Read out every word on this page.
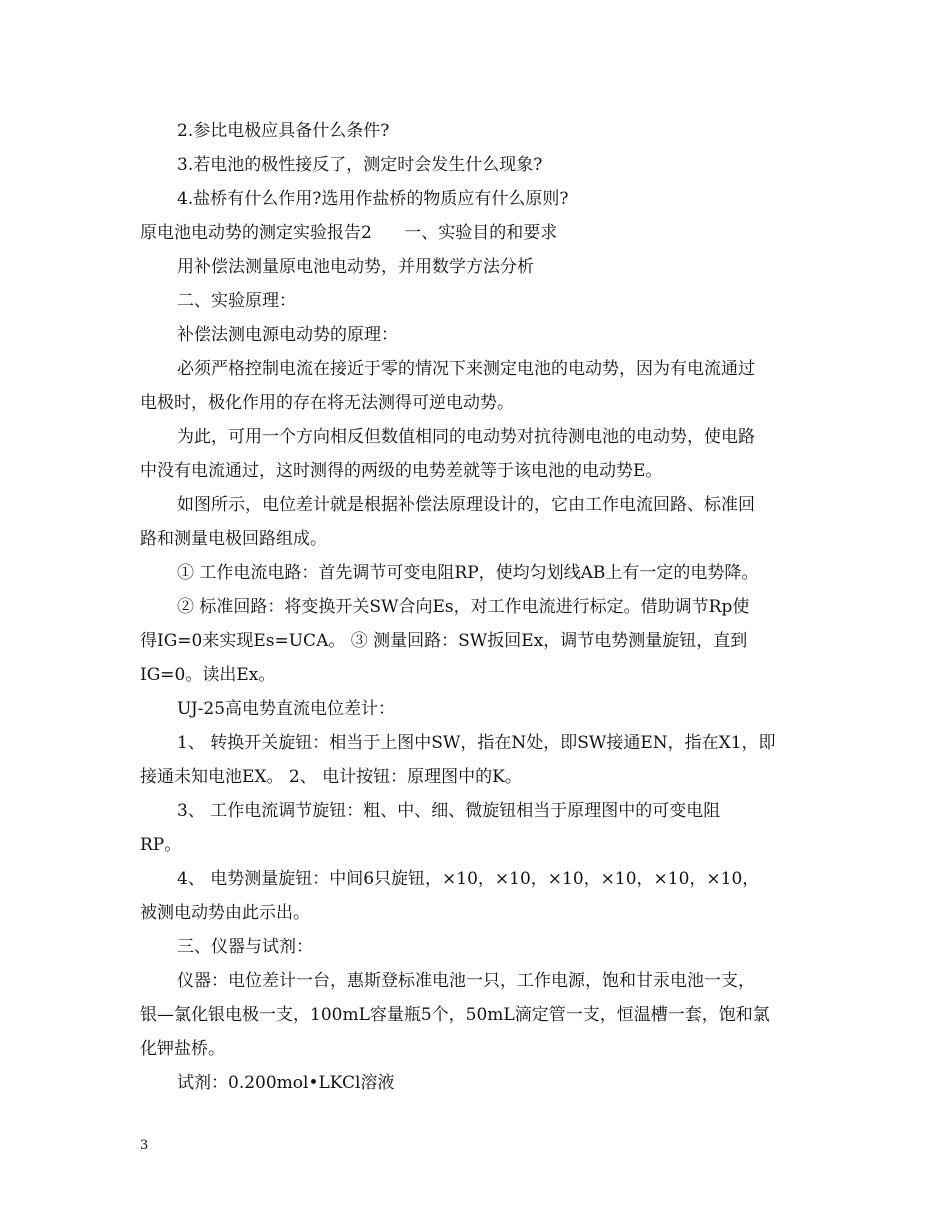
2.参比电极应具备什么条件?
3.若电池的极性接反了，测定时会发生什么现象?
4.盐桥有什么作用?选用作盐桥的物质应有什么原则?
原电池电动势的测定实验报告2      一、实验目的和要求
用补偿法测量原电池电动势，并用数学方法分析
二、实验原理：
补偿法测电源电动势的原理：
必须严格控制电流在接近于零的情况下来测定电池的电动势，因为有电流通过
电极时，极化作用的存在将无法测得可逆电动势。
为此，可用一个方向相反但数值相同的电动势对抗待测电池的电动势，使电路
中没有电流通过，这时测得的两级的电势差就等于该电池的电动势E。
如图所示，电位差计就是根据补偿法原理设计的，它由工作电流回路、标准回
路和测量电极回路组成。
① 工作电流电路：首先调节可变电阻RP，使均匀划线AB上有一定的电势降。
② 标准回路：将变换开关SW合向Es，对工作电流进行标定。借助调节Rp使
得IG=0来实现Es=UCA。 ③ 测量回路：SW扳回Ex，调节电势测量旋钮，直到
IG=0。读出Ex。
UJ-25高电势直流电位差计：
1、 转换开关旋钮：相当于上图中SW，指在N处，即SW接通EN，指在X1，即
接通未知电池EX。 2、 电计按钮：原理图中的K。
3、 工作电流调节旋钮：粗、中、细、微旋钮相当于原理图中的可变电阻
RP。
4、 电势测量旋钮：中间6只旋钮，×10，×10，×10，×10，×10，×10，
被测电动势由此示出。
三、仪器与试剂：
仪器：电位差计一台，惠斯登标准电池一只，工作电源，饱和甘汞电池一支，
银—氯化银电极一支，100mL容量瓶5个，50mL滴定管一支，恒温槽一套，饱和氯
化钾盐桥。
试剂：0.200mol•LKCl溶液
3
